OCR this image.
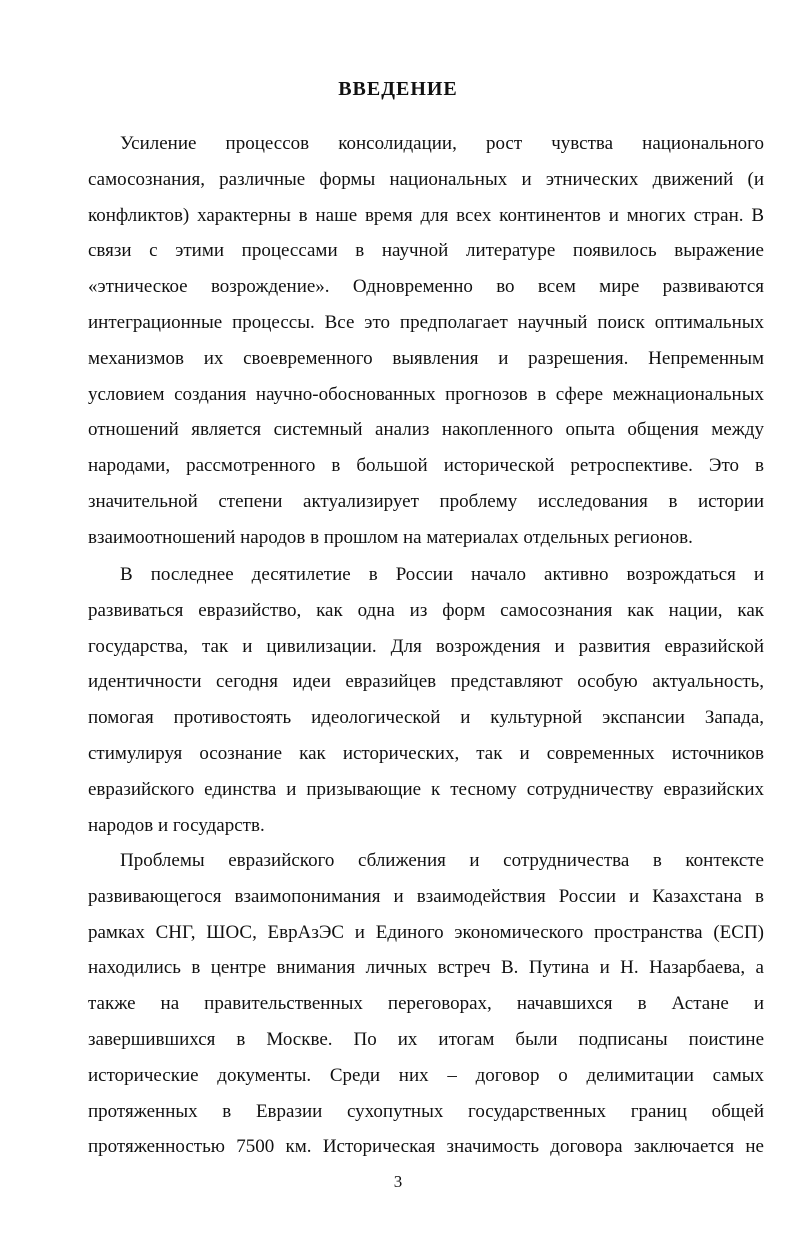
ВВЕДЕНИЕ
Усиление процессов консолидации, рост чувства национального
самосознания, различные формы национальных и этнических движений (и
конфликтов) характерны в наше время для всех континентов и многих стран. В
связи с этими процессами в научной литературе появилось выражение
«этническое возрождение». Одновременно во всем мире развиваются
интеграционные процессы. Все это предполагает научный поиск оптимальных
механизмов их своевременного выявления и разрешения. Непременным
условием создания научно-обоснованных прогнозов в сфере межнациональных
отношений является системный анализ накопленного опыта общения между
народами, рассмотренного в большой исторической ретроспективе. Это в
значительной степени актуализирует проблему исследования в истории
взаимоотношений народов в прошлом на материалах отдельных регионов.
В последнее десятилетие в России начало активно возрождаться и
развиваться евразийство, как одна из форм самосознания как нации, как
государства, так и цивилизации. Для возрождения и развития евразийской
идентичности сегодня идеи евразийцев представляют особую актуальность,
помогая противостоять идеологической и культурной экспансии Запада,
стимулируя осознание как исторических, так и современных источников
евразийского единства и призывающие к тесному сотрудничеству евразийских
народов и государств.
Проблемы евразийского сближения и сотрудничества в контексте
развивающегося взаимопонимания и взаимодействия России и Казахстана в
рамках СНГ, ШОС, ЕврАзЭС и Единого экономического пространства (ЕСП)
находились в центре внимания личных встреч В. Путина и Н. Назарбаева, а
также на правительственных переговорах, начавшихся в Астане и
завершившихся в Москве. По их итогам были подписаны поистине
исторические документы. Среди них – договор о делимитации самых
протяженных в Евразии сухопутных государственных границ общей
протяженностью 7500 км. Историческая значимость договора заключается не
3
